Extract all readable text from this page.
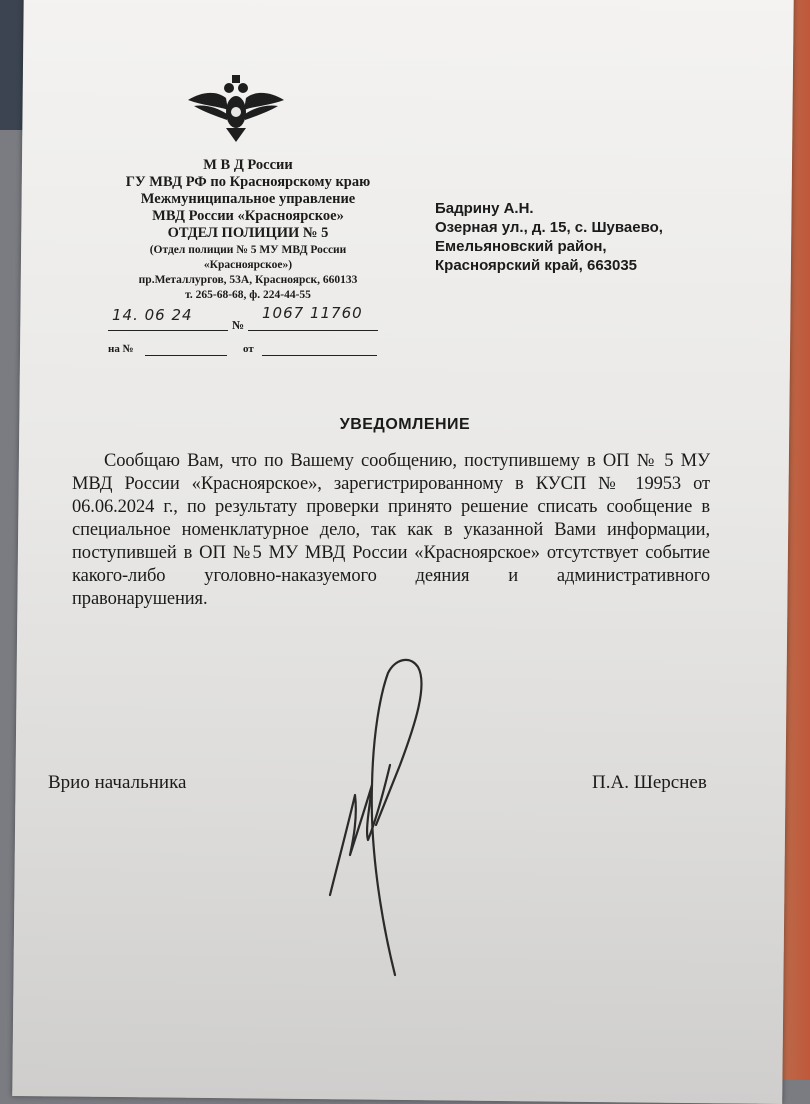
М В Д России
ГУ МВД РФ по Красноярскому краю
Межмуниципальное управление
МВД России «Красноярское»
ОТДЕЛ ПОЛИЦИИ № 5
(Отдел полиции № 5 МУ МВД России
«Красноярское»)
пр.Металлургов, 53А, Красноярск, 660133
т. 265-68-68, ф. 224-44-55
14. 06 24
№
1067 11760
на №	от
Бадрину А.Н.
Озерная ул., д. 15, с. Шуваево,
Емельяновский район,
Красноярский край, 663035
УВЕДОМЛЕНИЕ
Сообщаю Вам, что по Вашему сообщению, поступившему в ОП № 5 МУ МВД России «Красноярское», зарегистрированному в КУСП № 19953 от 06.06.2024 г., по результату проверки принято решение списать сообщение в специальное номенклатурное дело, так как в указанной Вами информации, поступившей в ОП №5 МУ МВД России «Красноярское» отсутствует событие какого-либо уголовно-наказуемого деяния и административного правонарушения.
Врио начальника	П.А. Шерснев
